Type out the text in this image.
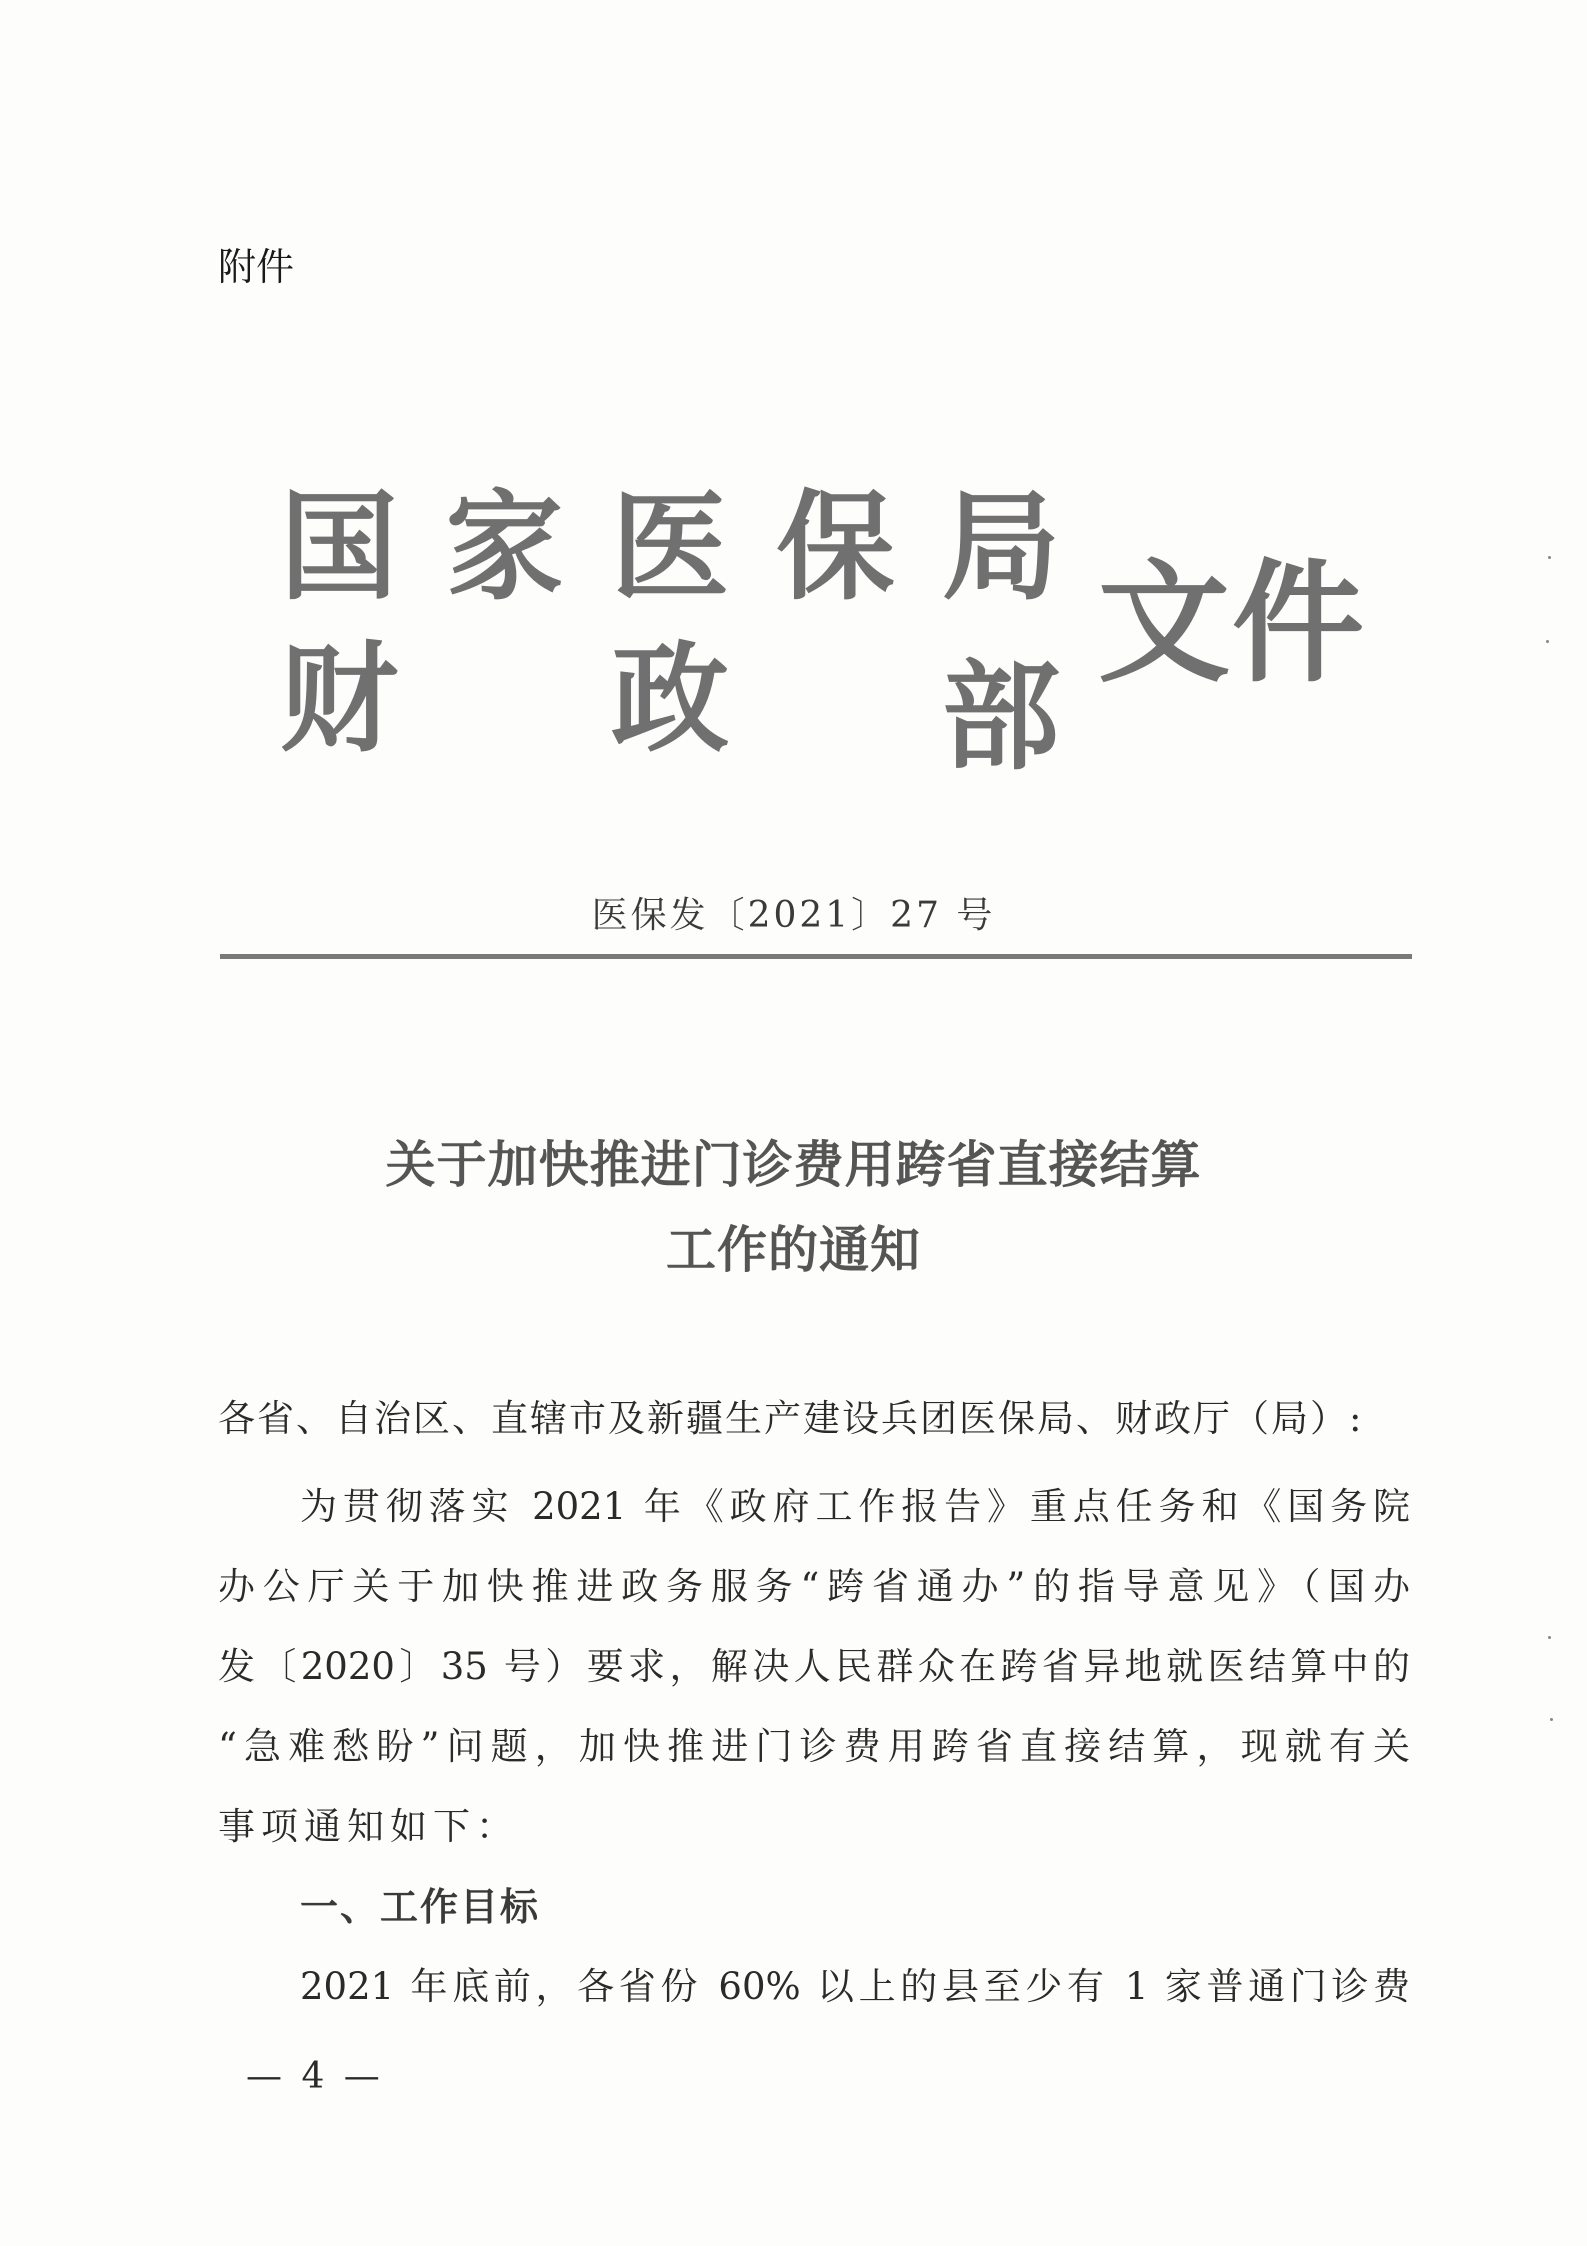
附件
国 家 医 保 局
财 政 部
文件
医保发〔2021〕27 号
关于加快推进门诊费用跨省直接结算
工作的通知
各省、自治区、直辖市及新疆生产建设兵团医保局、财政厅（局）:
为贯彻落实 2021 年《政府工作报告》重点任务和《国务院
办公厅关于加快推进政务服务“跨省通办”的指导意见》（国办
发〔2020〕35 号）要求，解决人民群众在跨省异地就医结算中的
“急难愁盼”问题，加快推进门诊费用跨省直接结算，现就有关
事项通知如下：
一、工作目标
2021 年底前，各省份 60% 以上的县至少有 1 家普通门诊费
— 4 —
